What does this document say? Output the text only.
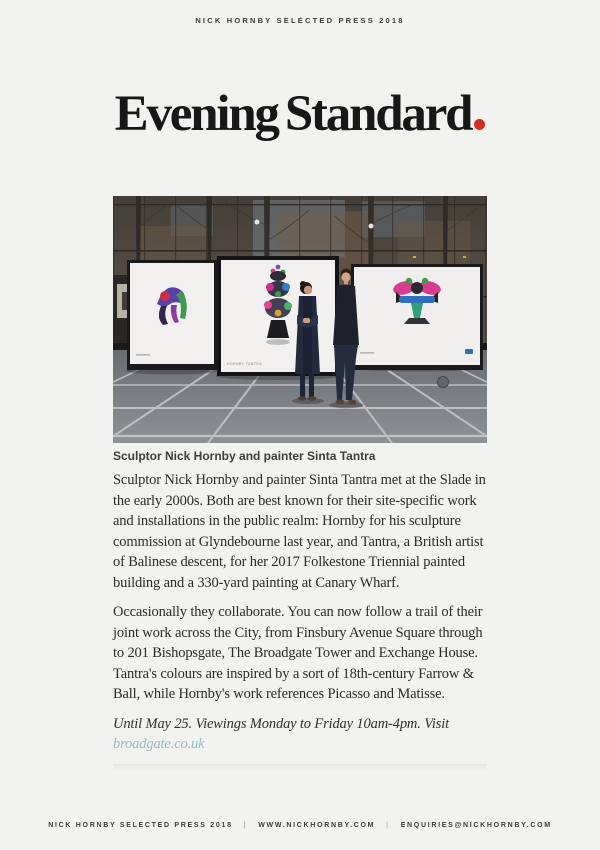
NICK HORNBY SELECTED PRESS 2018
Evening Standard
HORNBY TANTRA
Sculptor Nick Hornby and painter Sinta Tantra

Sculptor Nick Hornby and painter Sinta Tantra met at the Slade in the early 2000s. Both are best known for their site-specific work and installations in the public realm: Hornby for his sculpture commission at Glyndebourne last year, and Tantra, a British artist of Balinese descent, for her 2017 Folkestone Triennial painted building and a 330-yard painting at Canary Wharf.

Occasionally they collaborate. You can now follow a trail of their joint work across the City, from Finsbury Avenue Square through to 201 Bishopsgate, The Broadgate Tower and Exchange House. Tantra's colours are inspired by a sort of 18th-century Farrow & Ball, while Hornby's work references Picasso and Matisse.

Until May 25. Viewings Monday to Friday 10am-4pm. Visit
broadgate.co.uk

NICK HORNBY SELECTED PRESS 2018 | WWW.NICKHORNBY.COM | ENQUIRIES@NICKHORNBY.COM
